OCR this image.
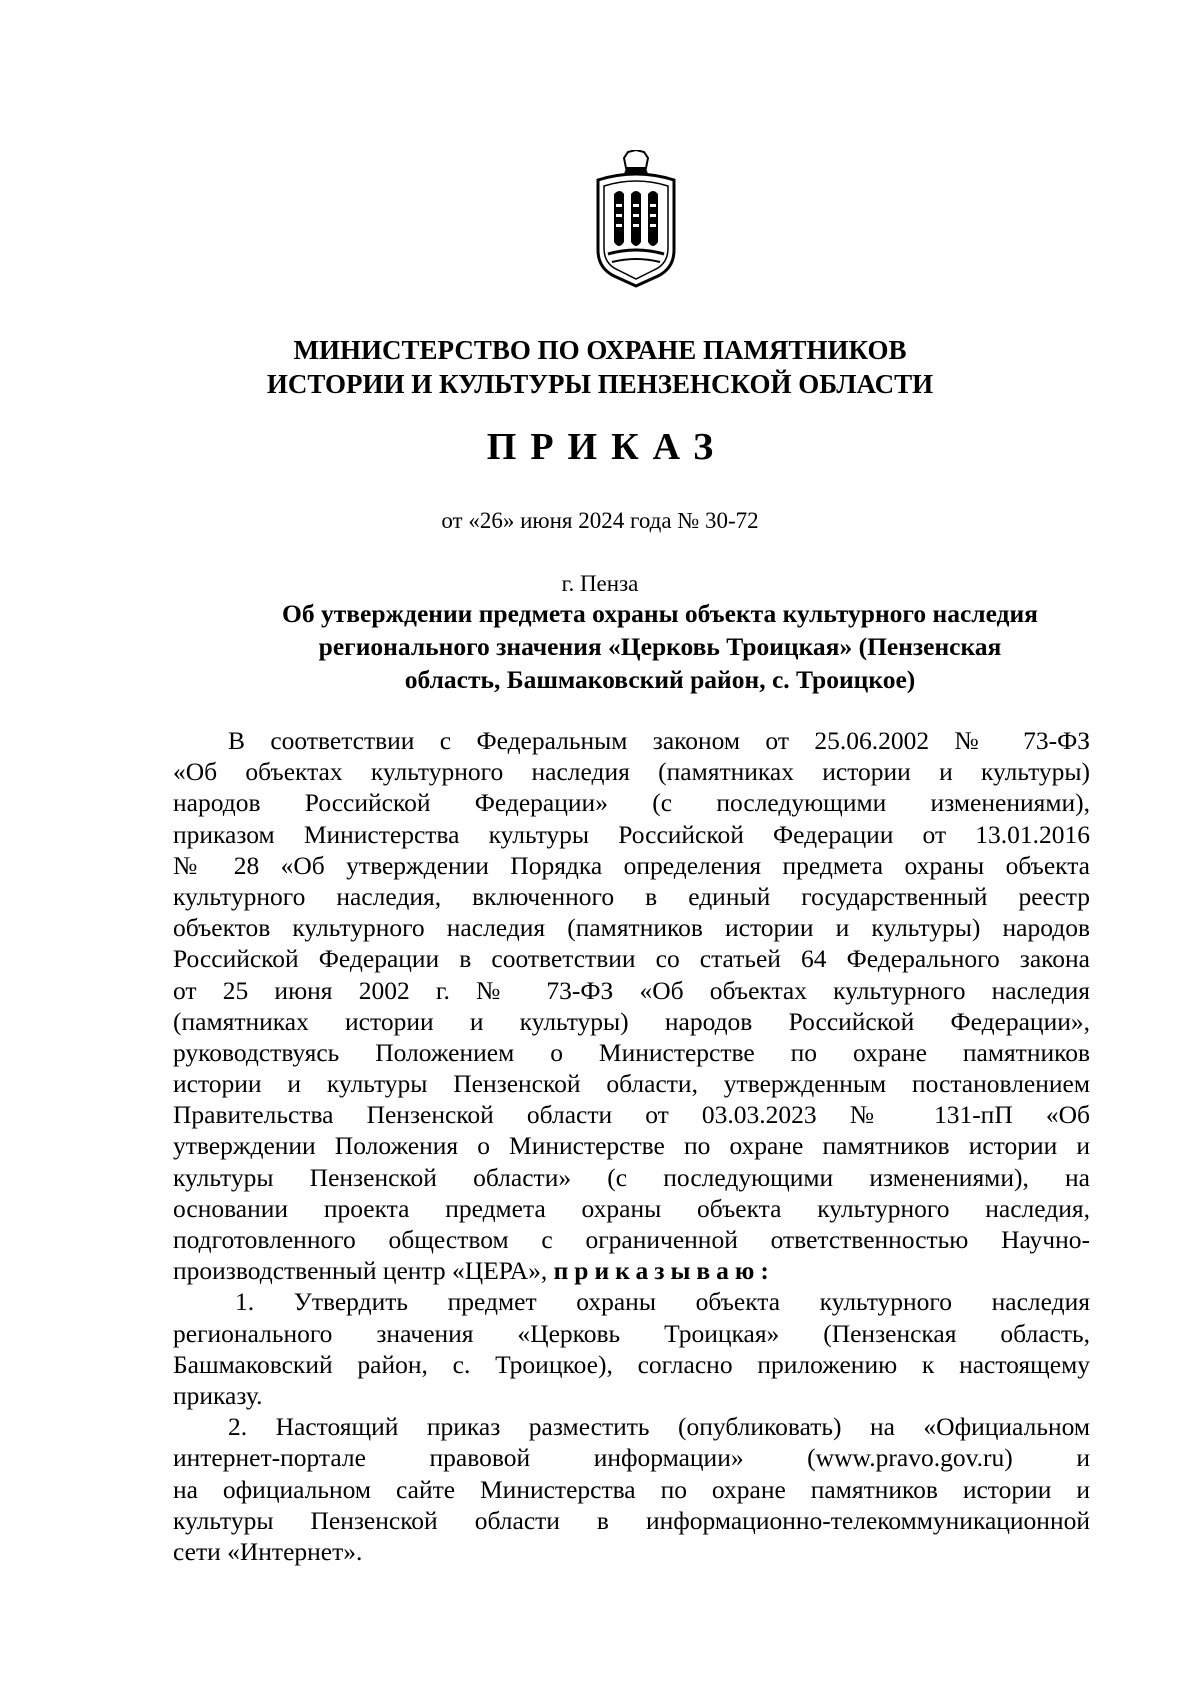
МИНИСТЕРСТВО ПО ОХРАНЕ ПАМЯТНИКОВ
ИСТОРИИ И КУЛЬТУРЫ ПЕНЗЕНСКОЙ ОБЛАСТИ
ПРИКАЗ
от «26» июня 2024 года № 30-72
г. Пенза
Об утверждении предмета охраны объекта культурного наследия
регионального значения «Церковь Троицкая» (Пензенская
область, Башмаковский район, с. Троицкое)
В соответствии с Федеральным законом от 25.06.2002 № 73-ФЗ
«Об объектах культурного наследия (памятниках истории и культуры)
народов Российской Федерации» (с последующими изменениями),
приказом Министерства культуры Российской Федерации от 13.01.2016
№ 28 «Об утверждении Порядка определения предмета охраны объекта
культурного наследия, включенного в единый государственный реестр
объектов культурного наследия (памятников истории и культуры) народов
Российской Федерации в соответствии со статьей 64 Федерального закона
от 25 июня 2002 г. № 73-ФЗ «Об объектах культурного наследия
(памятниках истории и культуры) народов Российской Федерации»,
руководствуясь Положением о Министерстве по охране памятников
истории и культуры Пензенской области, утвержденным постановлением
Правительства Пензенской области от 03.03.2023 № 131-пП «Об
утверждении Положения о Министерстве по охране памятников истории и
культуры Пензенской области» (с последующими изменениями), на
основании проекта предмета охраны объекта культурного наследия,
подготовленного обществом с ограниченной ответственностью Научно-
производственный центр «ЦЕРА», приказываю:
1. Утвердить предмет охраны объекта культурного наследия
регионального значения «Церковь Троицкая» (Пензенская область,
Башмаковский район, с. Троицкое), согласно приложению к настоящему
приказу.
2. Настоящий приказ разместить (опубликовать) на «Официальном
интернет-портале правовой информации» (www.pravo.gov.ru) и
на официальном сайте Министерства по охране памятников истории и
культуры Пензенской области в информационно-телекоммуникационной
сети «Интернет».
